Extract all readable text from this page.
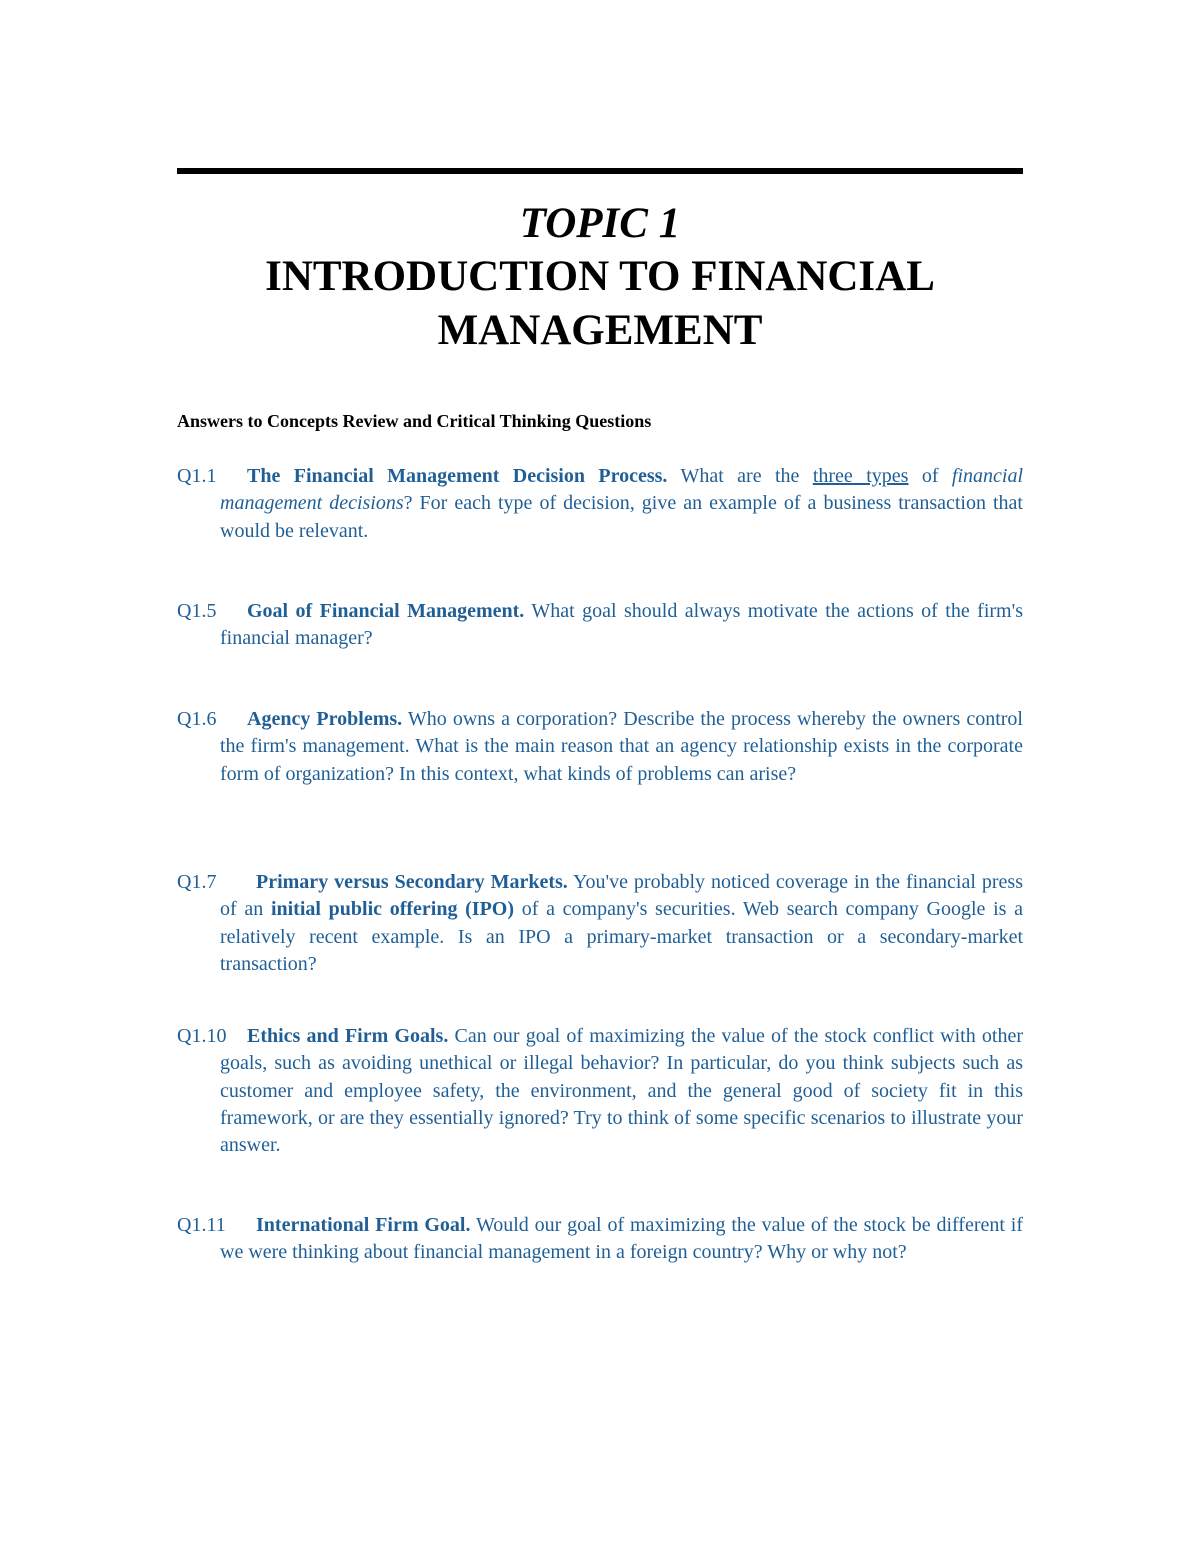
TOPIC 1

INTRODUCTION TO FINANCIAL

MANAGEMENT

Answers to Concepts Review and Critical Thinking Questions

Q1.1 The Financial Management Decision Process. What are the three types of financial management decisions? For each type of decision, give an example of a business transaction that would be relevant.

Q1.5 Goal of Financial Management. What goal should always motivate the actions of the firm's financial manager?

Q1.6 Agency Problems. Who owns a corporation? Describe the process whereby the owners control the firm's management. What is the main reason that an agency relationship exists in the corporate form of organization? In this context, what kinds of problems can arise?

Q1.7 Primary versus Secondary Markets. You've probably noticed coverage in the financial press of an initial public offering (IPO) of a company's securities. Web search company Google is a relatively recent example. Is an IPO a primary-market transaction or a secondary-market transaction?

Q1.10 Ethics and Firm Goals. Can our goal of maximizing the value of the stock conflict with other goals, such as avoiding unethical or illegal behavior? In particular, do you think subjects such as customer and employee safety, the environment, and the general good of society fit in this framework, or are they essentially ignored? Try to think of some specific scenarios to illustrate your answer.

Q1.11 International Firm Goal. Would our goal of maximizing the value of the stock be different if we were thinking about financial management in a foreign country? Why or why not?
